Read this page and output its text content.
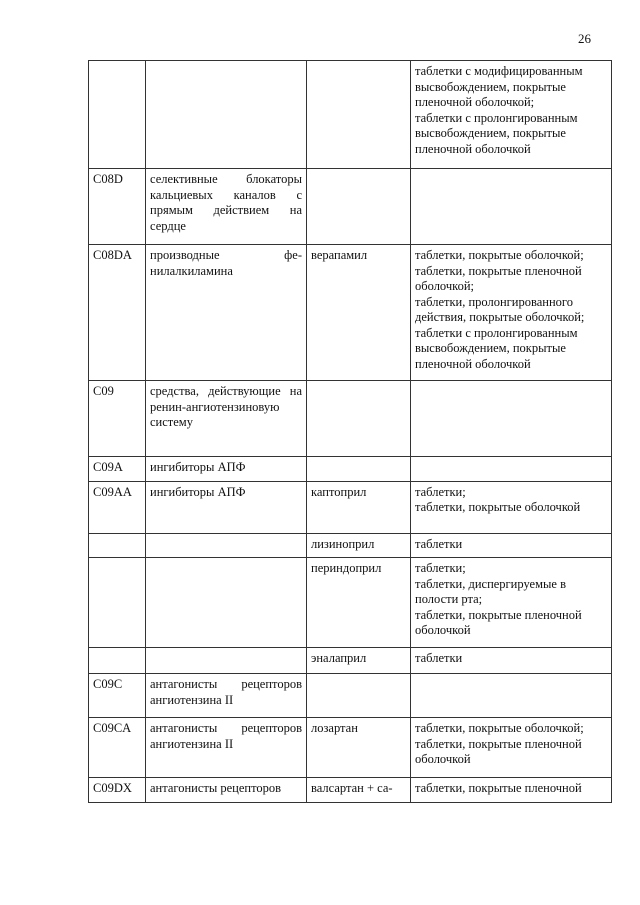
26

			таблетки с модифицированным высвобождением, покрытые пленочной оболочкой;
таблетки с пролонгированным высвобождением, покрытые пленочной оболочкой

C08D	селективные блокаторы кальциевых каналов с прямым действием на сердце		
C08DA	производные фе-нилалкиламина	верапамил	таблетки, покрытые оболочкой;
таблетки, покрытые пленочной оболочкой;
таблетки, пролонгированного действия, покрытые оболочкой;
таблетки с пролонгированным высвобождением, покрытые пленочной оболочкой

C09	средства, действующие на ренин-ангиотензиновую систему		
C09A	ингибиторы АПФ		
C09AA	ингибиторы АПФ	каптоприл	таблетки;
таблетки, покрытые оболочкой

		лизиноприл	таблетки

		периндоприл	таблетки;
таблетки, диспергируемые в полости рта;
таблетки, покрытые пленочной оболочкой

		эналаприл	таблетки

C09C	антагонисты рецепторов ангиотензина II		
C09CA	антагонисты рецепторов ангиотензина II	лозартан	таблетки, покрытые оболочкой;
таблетки, покрытые пленочной оболочкой

C09DX	антагонисты рецепторов	валсартан + са-	таблетки, покрытые пленочной
